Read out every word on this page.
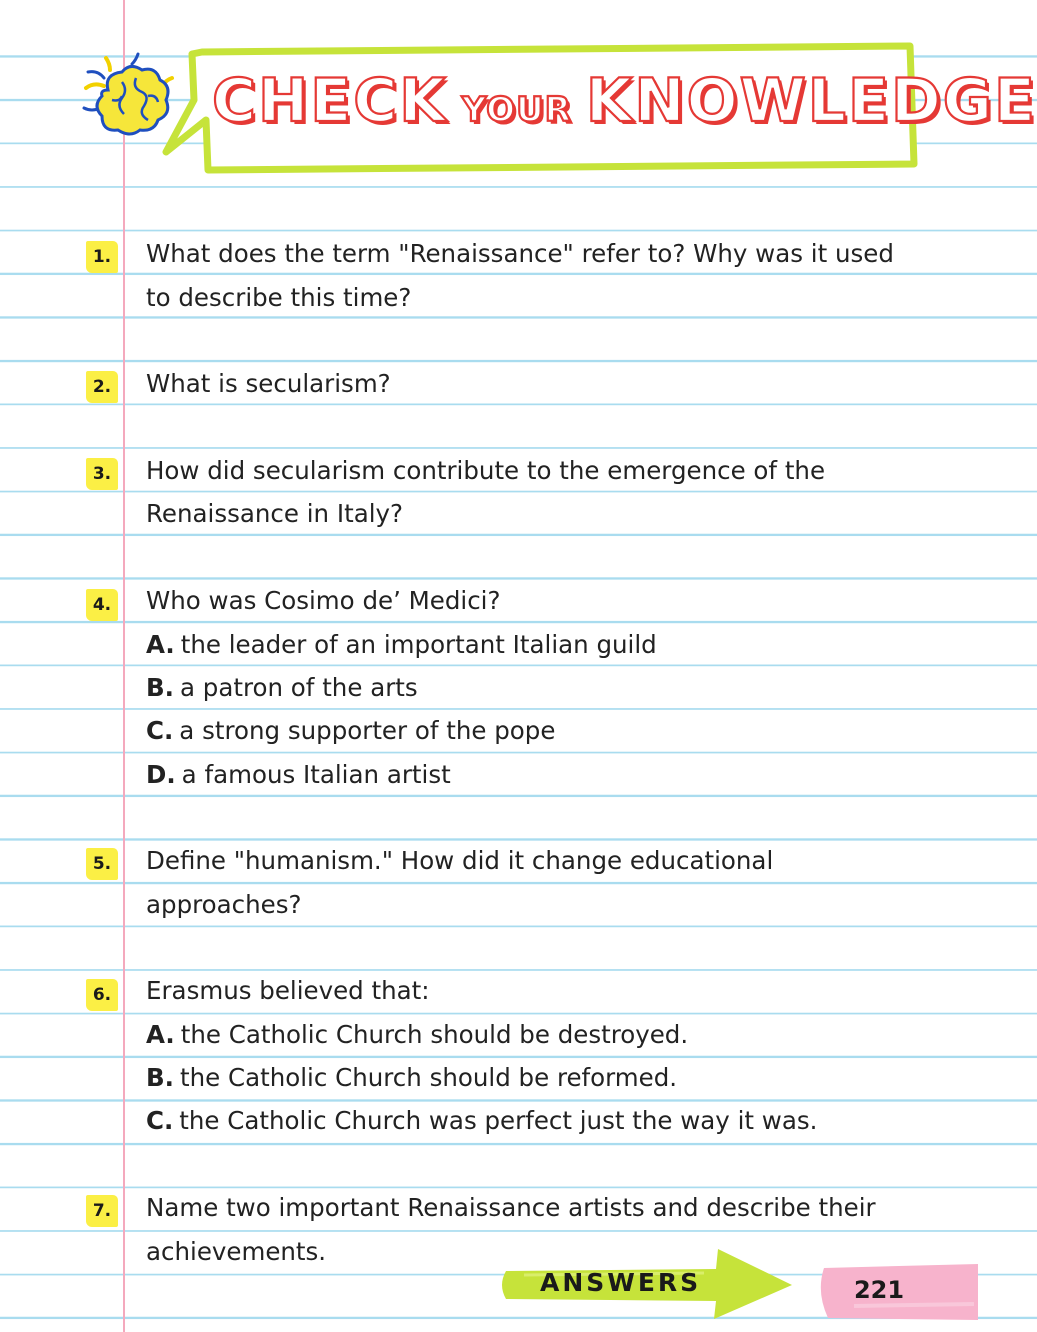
CHECK YOUR KNOWLEDGE
1. What does the term "Renaissance" refer to? Why was it used
to describe this time?
2. What is secularism?
3. How did secularism contribute to the emergence of the
Renaissance in Italy?
4. Who was Cosimo de’ Medici?
A. the leader of an important Italian guild
B. a patron of the arts
C. a strong supporter of the pope
D. a famous Italian artist
5. Define "humanism." How did it change educational
approaches?
6. Erasmus believed that:
A. the Catholic Church should be destroyed.
B. the Catholic Church should be reformed.
C. the Catholic Church was perfect just the way it was.
7. Name two important Renaissance artists and describe their
achievements.
ANSWERS	221
